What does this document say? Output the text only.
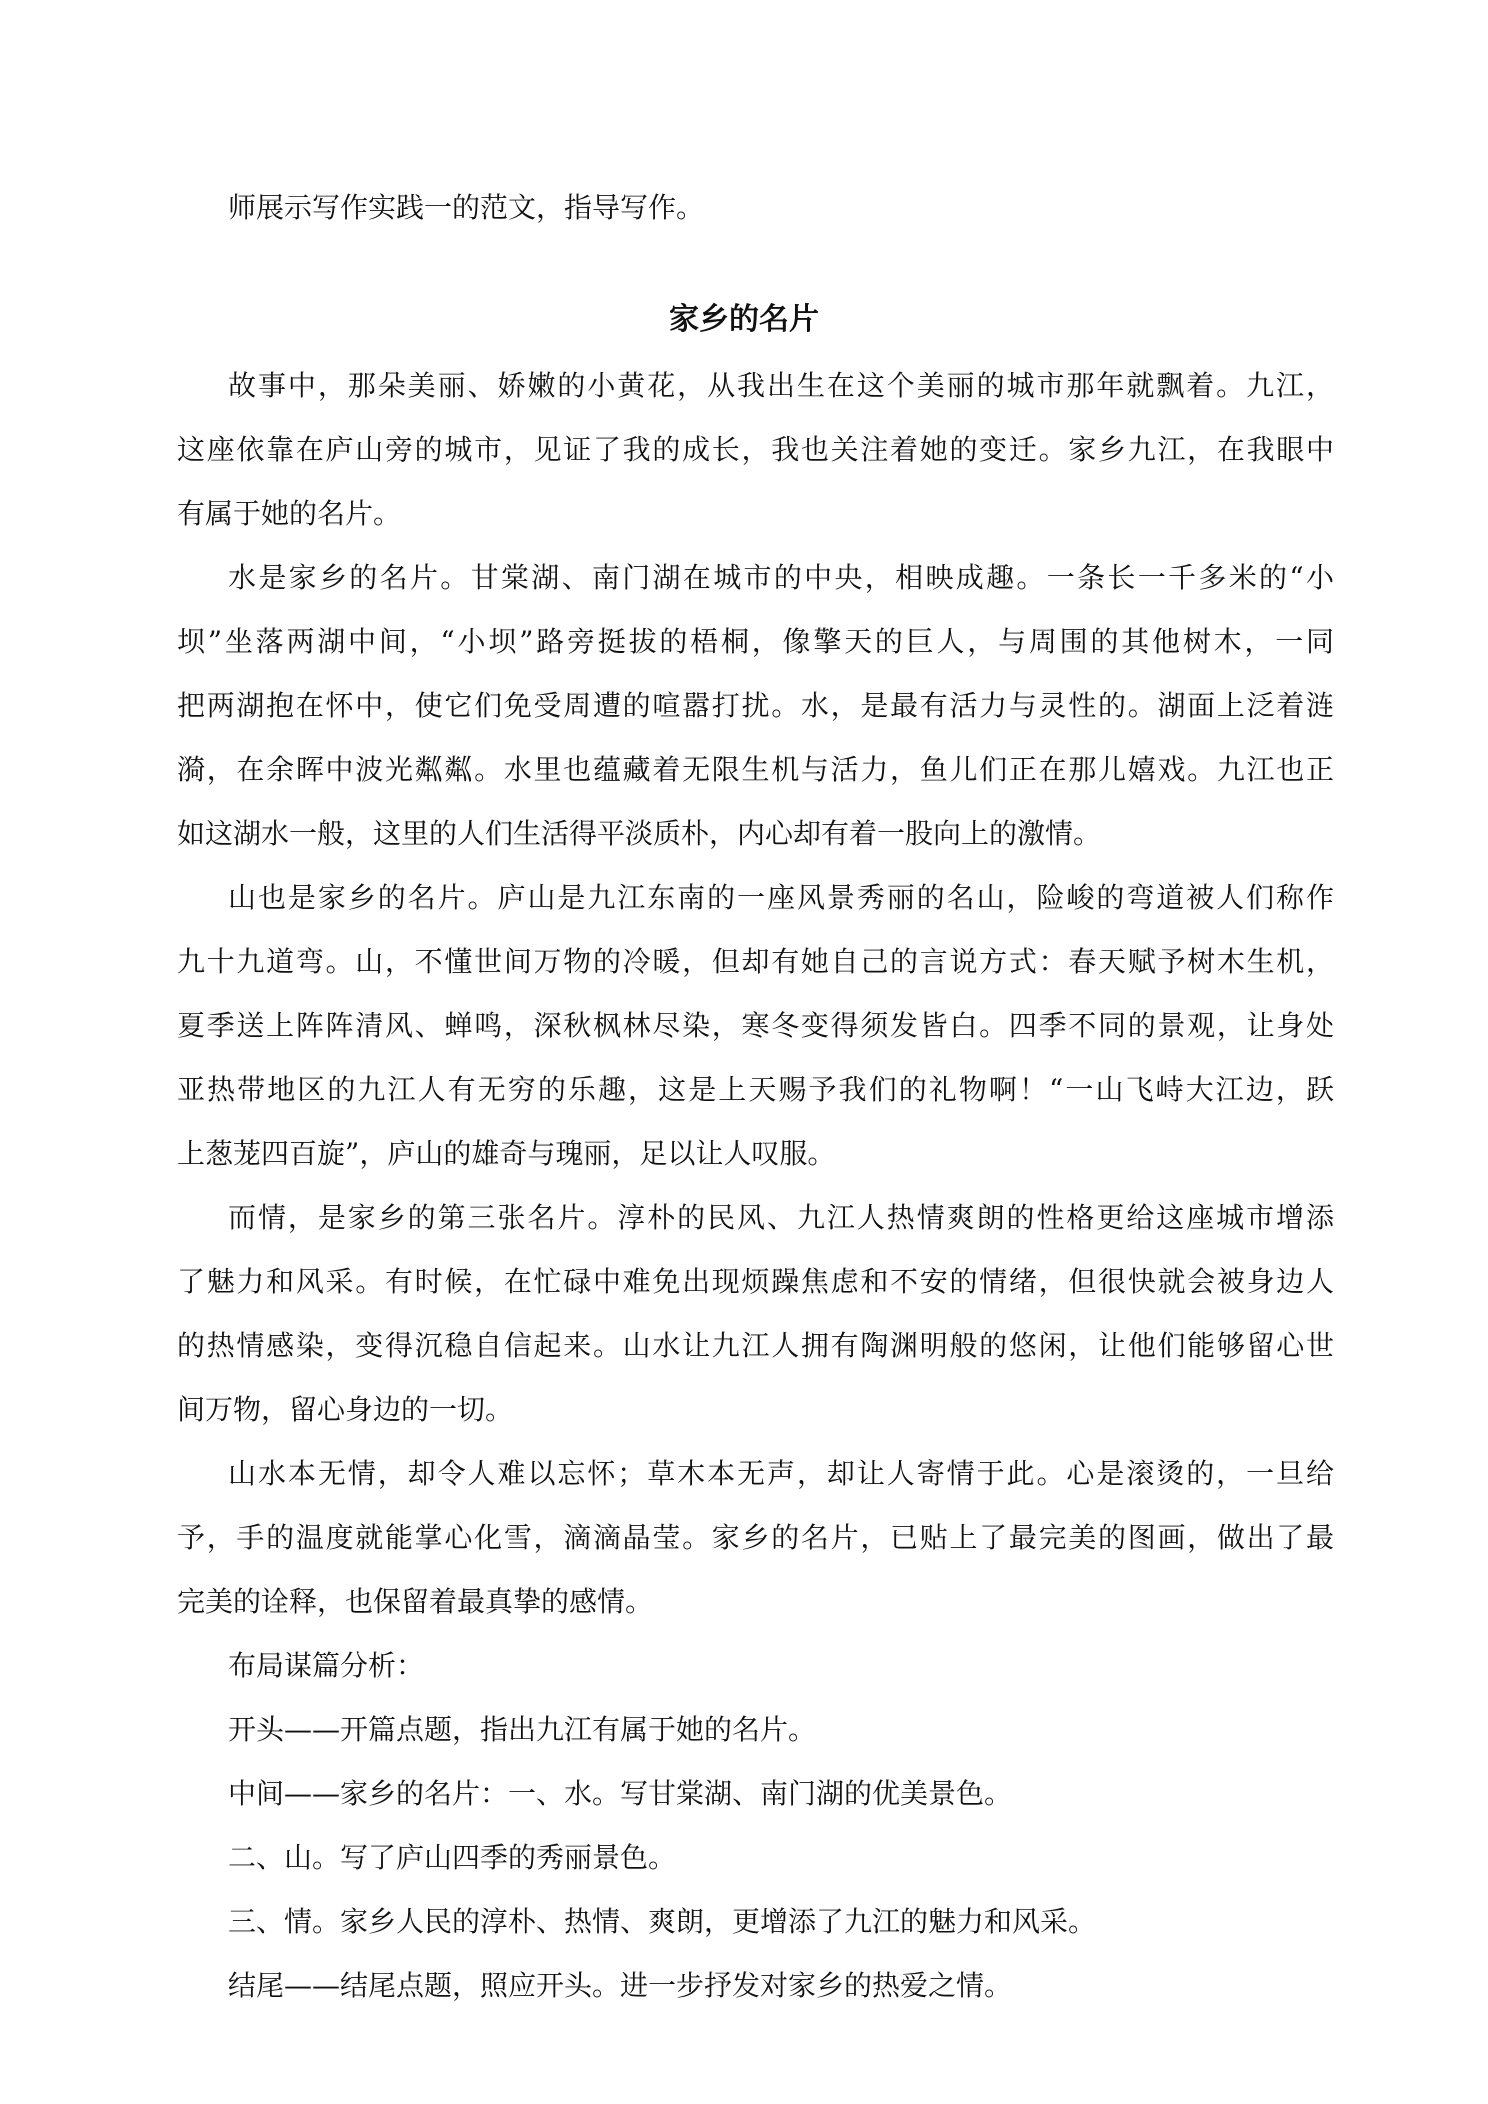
师展示写作实践一的范文，指导写作。

家乡的名片

故事中，那朵美丽、娇嫩的小黄花，从我出生在这个美丽的城市那年就飘着。九江，

这座依靠在庐山旁的城市，见证了我的成长，我也关注着她的变迁。家乡九江，在我眼中

有属于她的名片。

水是家乡的名片。甘棠湖、南门湖在城市的中央，相映成趣。一条长一千多米的“小

坝”坐落两湖中间，“小坝”路旁挺拔的梧桐，像擎天的巨人，与周围的其他树木，一同

把两湖抱在怀中，使它们免受周遭的喧嚣打扰。水，是最有活力与灵性的。湖面上泛着涟

漪，在余晖中波光粼粼。水里也蕴藏着无限生机与活力，鱼儿们正在那儿嬉戏。九江也正

如这湖水一般，这里的人们生活得平淡质朴，内心却有着一股向上的激情。

山也是家乡的名片。庐山是九江东南的一座风景秀丽的名山，险峻的弯道被人们称作

九十九道弯。山，不懂世间万物的冷暖，但却有她自己的言说方式：春天赋予树木生机，

夏季送上阵阵清风、蝉鸣，深秋枫林尽染，寒冬变得须发皆白。四季不同的景观，让身处

亚热带地区的九江人有无穷的乐趣，这是上天赐予我们的礼物啊！“一山飞峙大江边，跃

上葱茏四百旋”，庐山的雄奇与瑰丽，足以让人叹服。

而情，是家乡的第三张名片。淳朴的民风、九江人热情爽朗的性格更给这座城市增添

了魅力和风采。有时候，在忙碌中难免出现烦躁焦虑和不安的情绪，但很快就会被身边人

的热情感染，变得沉稳自信起来。山水让九江人拥有陶渊明般的悠闲，让他们能够留心世

间万物，留心身边的一切。

山水本无情，却令人难以忘怀；草木本无声，却让人寄情于此。心是滚烫的，一旦给

予，手的温度就能掌心化雪，滴滴晶莹。家乡的名片，已贴上了最完美的图画，做出了最

完美的诠释，也保留着最真挚的感情。

布局谋篇分析：

开头——开篇点题，指出九江有属于她的名片。

中间——家乡的名片：一、水。写甘棠湖、南门湖的优美景色。

二、山。写了庐山四季的秀丽景色。

三、情。家乡人民的淳朴、热情、爽朗，更增添了九江的魅力和风采。

结尾——结尾点题，照应开头。进一步抒发对家乡的热爱之情。
